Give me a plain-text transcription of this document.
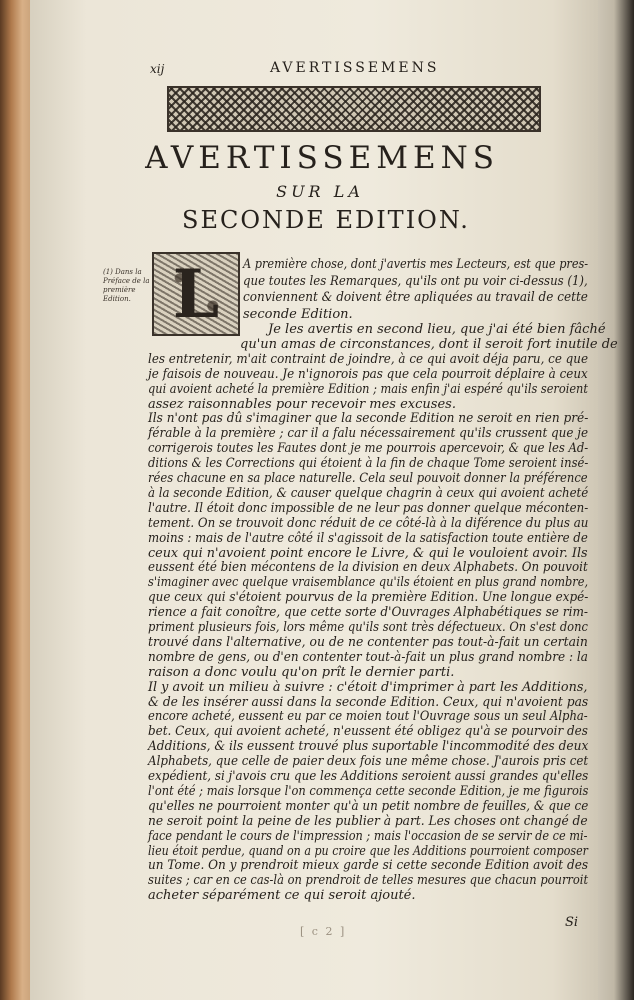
xij	AVERTISSEMENS
AVERTISSEMENS
SUR LA
SECONDE EDITION.
(1) Dans la Préface de la première Edition. L	A première chose, dont j'avertis mes Lecteurs, est que pres-
que toutes les Remarques, qu'ils ont pu voir ci-dessus (1),
conviennent & doivent être apliquées au travail de cette
seconde Edition.
Je les avertis en second lieu, que j'ai été bien fâché
qu'un amas de circonstances, dont il seroit fort inutile de
les entretenir, m'ait contraint de joindre, à ce qui avoit déja paru, ce que
je faisois de nouveau. Je n'ignorois pas que cela pourroit déplaire à ceux
qui avoient acheté la première Edition ; mais enfin j'ai espéré qu'ils seroient
assez raisonnables pour recevoir mes excuses.
Ils n'ont pas dû s'imaginer que la seconde Edition ne seroit en rien pré-
férable à la première ; car il a falu nécessairement qu'ils crussent que je
corrigerois toutes les Fautes dont je me pourrois apercevoir, & que les Ad-
ditions & les Corrections qui étoient à la fin de chaque Tome seroient insé-
rées chacune en sa place naturelle. Cela seul pouvoit donner la préférence
à la seconde Edition, & causer quelque chagrin à ceux qui avoient acheté
l'autre. Il étoit donc impossible de ne leur pas donner quelque méconten-
tement. On se trouvoit donc réduit de ce côté-là à la diférence du plus au
moins : mais de l'autre côté il s'agissoit de la satisfaction toute entière de
ceux qui n'avoient point encore le Livre, & qui le vouloient avoir. Ils
eussent été bien mécontens de la division en deux Alphabets. On pouvoit
s'imaginer avec quelque vraisemblance qu'ils étoient en plus grand nombre,
que ceux qui s'étoient pourvus de la première Edition. Une longue expé-
rience a fait conoître, que cette sorte d'Ouvrages Alphabétiques se rim-
priment plusieurs fois, lors même qu'ils sont très défectueux. On s'est donc
trouvé dans l'alternative, ou de ne contenter pas tout-à-fait un certain
nombre de gens, ou d'en contenter tout-à-fait un plus grand nombre : la
raison a donc voulu qu'on prît le dernier parti.
Il y avoit un milieu à suivre : c'étoit d'imprimer à part les Additions,
& de les insérer aussi dans la seconde Edition. Ceux, qui n'avoient pas
encore acheté, eussent eu par ce moien tout l'Ouvrage sous un seul Alpha-
bet. Ceux, qui avoient acheté, n'eussent été obligez qu'à se pourvoir des
Additions, & ils eussent trouvé plus suportable l'incommodité des deux
Alphabets, que celle de paier deux fois une même chose. J'aurois pris cet
expédient, si j'avois cru que les Additions seroient aussi grandes qu'elles
l'ont été ; mais lorsque l'on commença cette seconde Edition, je me figurois
qu'elles ne pourroient monter qu'à un petit nombre de feuilles, & que ce
ne seroit point la peine de les publier à part. Les choses ont changé de
face pendant le cours de l'impression ; mais l'occasion de se servir de ce mi-
lieu étoit perdue, quand on a pu croire que les Additions pourroient composer
un Tome. On y prendroit mieux garde si cette seconde Edition avoit des
suites ; car en ce cas-là on prendroit de telles mesures que chacun pourroit
acheter séparément ce qui seroit ajouté.
Si
[ c 2 ]
